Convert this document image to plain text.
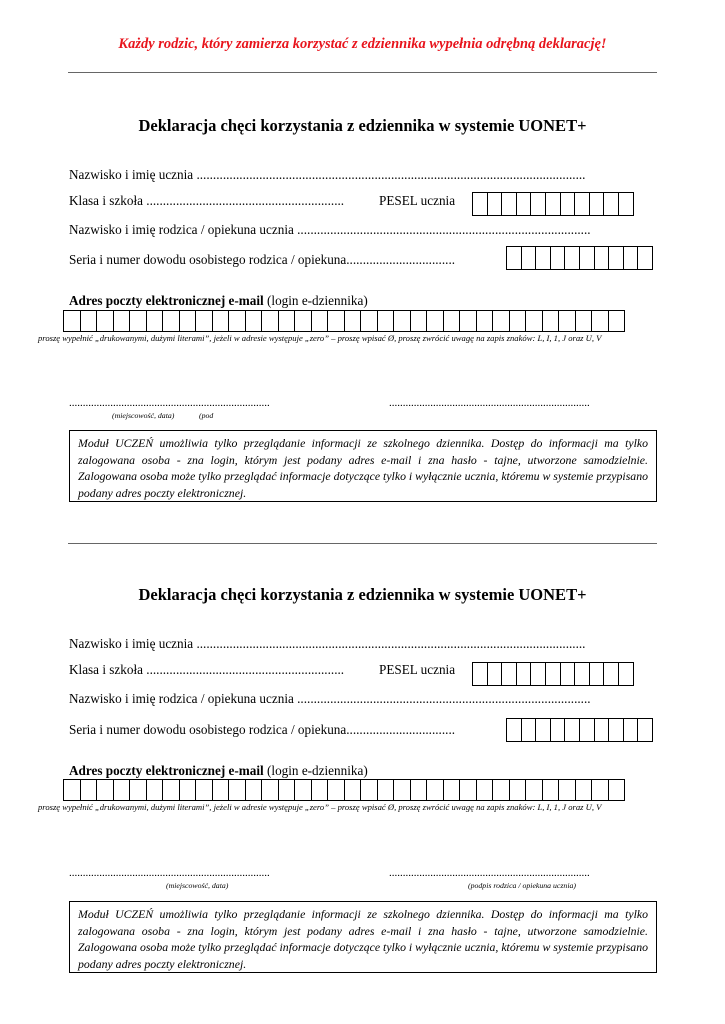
Każdy rodzic, który zamierza korzystać z edziennika wypełnia odrębną deklarację!
Deklaracja chęci korzystania z edziennika w systemie UONET+
Nazwisko i imię ucznia ......................................................................................................................
Klasa i szkoła ............................................................	PESEL ucznia
Nazwisko i imię rodzica / opiekuna ucznia .........................................................................................
Seria i numer dowodu osobistego rodzica / opiekuna.................................
Adres poczty elektronicznej e-mail (login e-dziennika)
proszę wypełnić „drukowanymi, dużymi literami”, jeżeli w adresie występuje „zero” – proszę wpisać Ø, proszę zwrócić uwagę na zapis znaków: L, I, 1, J oraz U, V
.........................................................................	.........................................................................
(miejscowość, data)	(pod
Moduł UCZEŃ umożliwia tylko przeglądanie informacji ze szkolnego dziennika. Dostęp do informacji ma tylko zalogowana osoba - zna login, którym jest podany adres e-mail i zna hasło - tajne, utworzone samodzielnie. Zalogowana osoba może tylko przeglądać informacje dotyczące tylko i wyłącznie ucznia, któremu w systemie przypisano podany adres poczty elektronicznej.
Deklaracja chęci korzystania z edziennika w systemie UONET+
Nazwisko i imię ucznia ......................................................................................................................
Klasa i szkoła ............................................................	PESEL ucznia
Nazwisko i imię rodzica / opiekuna ucznia .........................................................................................
Seria i numer dowodu osobistego rodzica / opiekuna.................................
Adres poczty elektronicznej e-mail (login e-dziennika)
proszę wypełnić „drukowanymi, dużymi literami”, jeżeli w adresie występuje „zero” – proszę wpisać Ø, proszę zwrócić uwagę na zapis znaków: L, I, 1, J oraz U, V
.........................................................................	.........................................................................
(miejscowość, data)	(podpis rodzica / opiekuna ucznia)
Moduł UCZEŃ umożliwia tylko przeglądanie informacji ze szkolnego dziennika. Dostęp do informacji ma tylko zalogowana osoba - zna login, którym jest podany adres e-mail i zna hasło - tajne, utworzone samodzielnie. Zalogowana osoba może tylko przeglądać informacje dotyczące tylko i wyłącznie ucznia, któremu w systemie przypisano podany adres poczty elektronicznej.
